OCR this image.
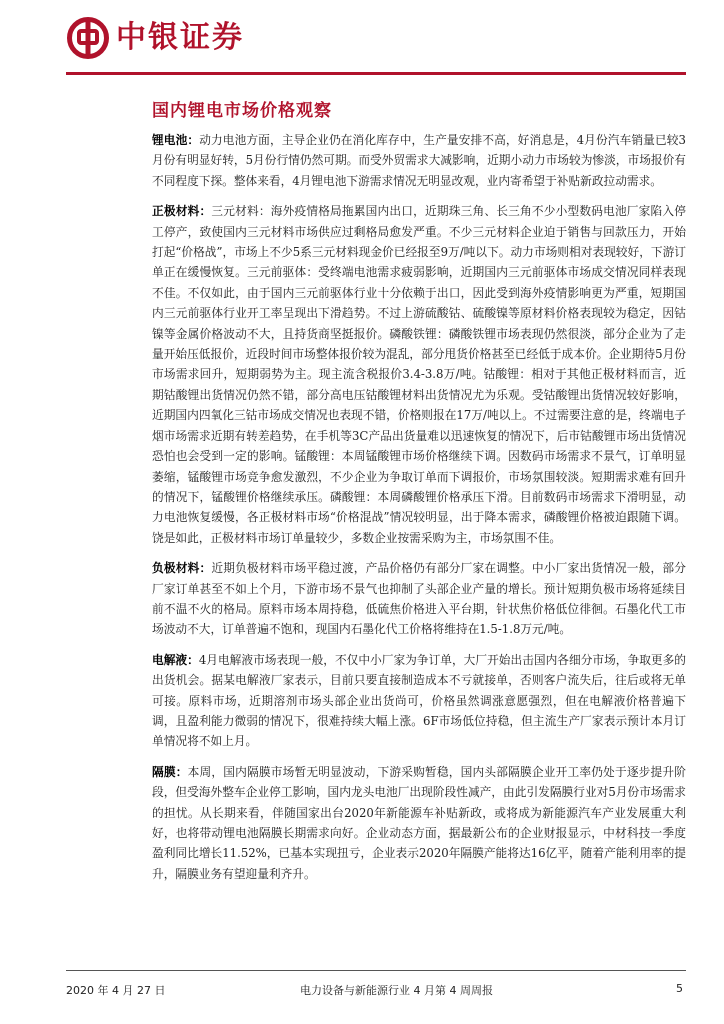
中银证券
国内锂电市场价格观察

锂电池：动力电池方面，主导企业仍在消化库存中，生产量安排不高，好消息是，4月份汽车销量已较3月份有明显好转，5月份行情仍然可期。而受外贸需求大减影响，近期小动力市场较为惨淡，市场报价有不同程度下探。整体来看，4月锂电池下游需求情况无明显改观，业内寄希望于补贴新政拉动需求。

正极材料：三元材料：海外疫情格局拖累国内出口，近期珠三角、长三角不少小型数码电池厂家陷入停工停产，致使国内三元材料市场供应过剩格局愈发严重。不少三元材料企业迫于销售与回款压力，开始打起“价格战”，市场上不少5系三元材料现金价已经报至9万/吨以下。动力市场则相对表现较好，下游订单正在缓慢恢复。三元前驱体：受终端电池需求疲弱影响，近期国内三元前驱体市场成交情况同样表现不佳。不仅如此，由于国内三元前驱体行业十分依赖于出口，因此受到海外疫情影响更为严重，短期国内三元前驱体行业开工率呈现出下滑趋势。不过上游硫酸钴、硫酸镍等原材料价格表现较为稳定，因钴镍等金属价格波动不大，且持货商坚挺报价。磷酸铁锂：磷酸铁锂市场表现仍然很淡，部分企业为了走量开始压低报价，近段时间市场整体报价较为混乱，部分甩货价格甚至已经低于成本价。企业期待5月份市场需求回升，短期弱势为主。现主流含税报价3.4-3.8万/吨。钴酸锂：相对于其他正极材料而言，近期钴酸锂出货情况仍然不错，部分高电压钴酸锂材料出货情况尤为乐观。受钴酸锂出货情况较好影响，近期国内四氧化三钴市场成交情况也表现不错，价格则报在17万/吨以上。不过需要注意的是，终端电子烟市场需求近期有转差趋势，在手机等3C产品出货量难以迅速恢复的情况下，后市钴酸锂市场出货情况恐怕也会受到一定的影响。锰酸锂：本周锰酸锂市场价格继续下调。因数码市场需求不景气，订单明显萎缩，锰酸锂市场竞争愈发激烈，不少企业为争取订单而下调报价，市场氛围较淡。短期需求难有回升的情况下，锰酸锂价格继续承压。磷酸锂：本周磷酸锂价格承压下滑。目前数码市场需求下滑明显，动力电池恢复缓慢，各正极材料市场“价格混战”情况较明显，出于降本需求，磷酸锂价格被迫跟随下调。饶是如此，正极材料市场订单量较少，多数企业按需采购为主，市场氛围不佳。

负极材料：近期负极材料市场平稳过渡，产品价格仍有部分厂家在调整。中小厂家出货情况一般，部分厂家订单甚至不如上个月，下游市场不景气也抑制了头部企业产量的增长。预计短期负极市场将延续目前不温不火的格局。原料市场本周持稳，低硫焦价格进入平台期，针状焦价格低位徘徊。石墨化代工市场波动不大，订单普遍不饱和，现国内石墨化代工价格将维持在1.5-1.8万元/吨。

电解液：4月电解液市场表现一般，不仅中小厂家为争订单，大厂开始出击国内各细分市场，争取更多的出货机会。据某电解液厂家表示，目前只要直接制造成本不亏就接单，否则客户流失后，往后或将无单可接。原料市场，近期溶剂市场头部企业出货尚可，价格虽然调涨意愿强烈，但在电解液价格普遍下调，且盈利能力微弱的情况下，很难持续大幅上涨。6F市场低位持稳，但主流生产厂家表示预计本月订单情况将不如上月。

隔膜：本周，国内隔膜市场暂无明显波动，下游采购暂稳，国内头部隔膜企业开工率仍处于逐步提升阶段，但受海外整车企业停工影响，国内龙头电池厂出现阶段性减产，由此引发隔膜行业对5月份市场需求的担忧。从长期来看，伴随国家出台2020年新能源车补贴新政，或将成为新能源汽车产业发展重大利好，也将带动锂电池隔膜长期需求向好。企业动态方面，据最新公布的企业财报显示，中材科技一季度盈利同比增长11.52%，已基本实现扭亏，企业表示2020年隔膜产能将达16亿平，随着产能利用率的提升，隔膜业务有望迎量利齐升。

2020 年 4 月 27 日	电力设备与新能源行业 4 月第 4 周周报	5
